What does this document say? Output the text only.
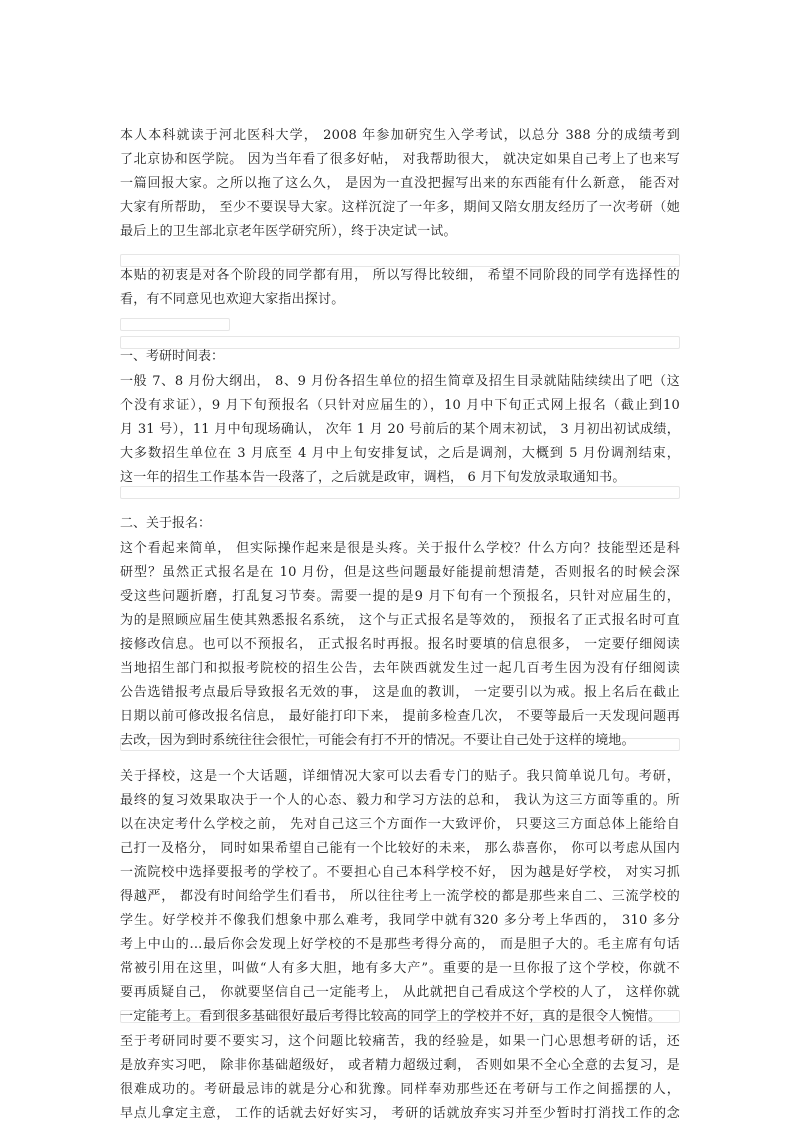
本人本科就读于河北医科大学， 2008 年参加研究生入学考试，以总分 388 分的成绩考到
了北京协和医学院。 因为当年看了很多好帖， 对我帮助很大， 就决定如果自己考上了也来写
一篇回报大家。之所以拖了这么久， 是因为一直没把握写出来的东西能有什么新意， 能否对
大家有所帮助， 至少不要误导大家。这样沉淀了一年多，期间又陪女朋友经历了一次考研（她
最后上的卫生部北京老年医学研究所），终于决定试一试。
本贴的初衷是对各个阶段的同学都有用， 所以写得比较细， 希望不同阶段的同学有选择性的
看，有不同意见也欢迎大家指出探讨。
一、考研时间表：
一般 7、8 月份大纲出， 8、9 月份各招生单位的招生简章及招生目录就陆陆续续出了吧（这
个没有求证），9 月下旬预报名（只针对应届生的），10 月中下旬正式网上报名（截止到10
月 31 号），11 月中旬现场确认， 次年 1 月 20 号前后的某个周末初试， 3 月初出初试成绩，
大多数招生单位在 3 月底至 4 月中上旬安排复试，之后是调剂，大概到 5 月份调剂结束，
这一年的招生工作基本告一段落了，之后就是政审，调档， 6 月下旬发放录取通知书。
二、关于报名：
这个看起来简单， 但实际操作起来是很是头疼。关于报什么学校？什么方向？技能型还是科
研型？虽然正式报名是在 10 月份，但是这些问题最好能提前想清楚，否则报名的时候会深
受这些问题折磨，打乱复习节奏。需要一提的是9 月下旬有一个预报名，只针对应届生的，
为的是照顾应届生使其熟悉报名系统， 这个与正式报名是等效的， 预报名了正式报名时可直
接修改信息。也可以不预报名， 正式报名时再报。报名时要填的信息很多， 一定要仔细阅读
当地招生部门和拟报考院校的招生公告，去年陕西就发生过一起几百考生因为没有仔细阅读
公告选错报考点最后导致报名无效的事， 这是血的教训， 一定要引以为戒。报上名后在截止
日期以前可修改报名信息， 最好能打印下来， 提前多检查几次， 不要等最后一天发现问题再
去改，因为到时系统往往会很忙，可能会有打不开的情况。不要让自己处于这样的境地。
关于择校，这是一个大话题，详细情况大家可以去看专门的贴子。我只简单说几句。考研，
最终的复习效果取决于一个人的心态、毅力和学习方法的总和， 我认为这三方面等重的。所
以在决定考什么学校之前， 先对自己这三个方面作一大致评价， 只要这三方面总体上能给自
己打一及格分， 同时如果希望自己能有一个比较好的未来， 那么恭喜你， 你可以考虑从国内
一流院校中选择要报考的学校了。不要担心自己本科学校不好， 因为越是好学校， 对实习抓
得越严， 都没有时间给学生们看书， 所以往往考上一流学校的都是那些来自二、三流学校的
学生。好学校并不像我们想象中那么难考，我同学中就有320 多分考上华西的， 310 多分
考上中山的...最后你会发现上好学校的不是那些考得分高的， 而是胆子大的。毛主席有句话
常被引用在这里，叫做“人有多大胆，地有多大产”。重要的是一旦你报了这个学校，你就不
要再质疑自己， 你就要坚信自己一定能考上， 从此就把自己看成这个学校的人了， 这样你就
一定能考上。看到很多基础很好最后考得比较高的同学上的学校并不好，真的是很令人惋惜。
至于考研同时要不要实习，这个问题比较痛苦，我的经验是，如果一门心思想考研的话，还
是放弃实习吧， 除非你基础超级好， 或者精力超级过剩， 否则如果不全心全意的去复习，是
很难成功的。考研最忌讳的就是分心和犹豫。同样奉劝那些还在考研与工作之间摇摆的人，
早点儿拿定主意， 工作的话就去好好实习， 考研的话就放弃实习并至少暂时打消找工作的念
